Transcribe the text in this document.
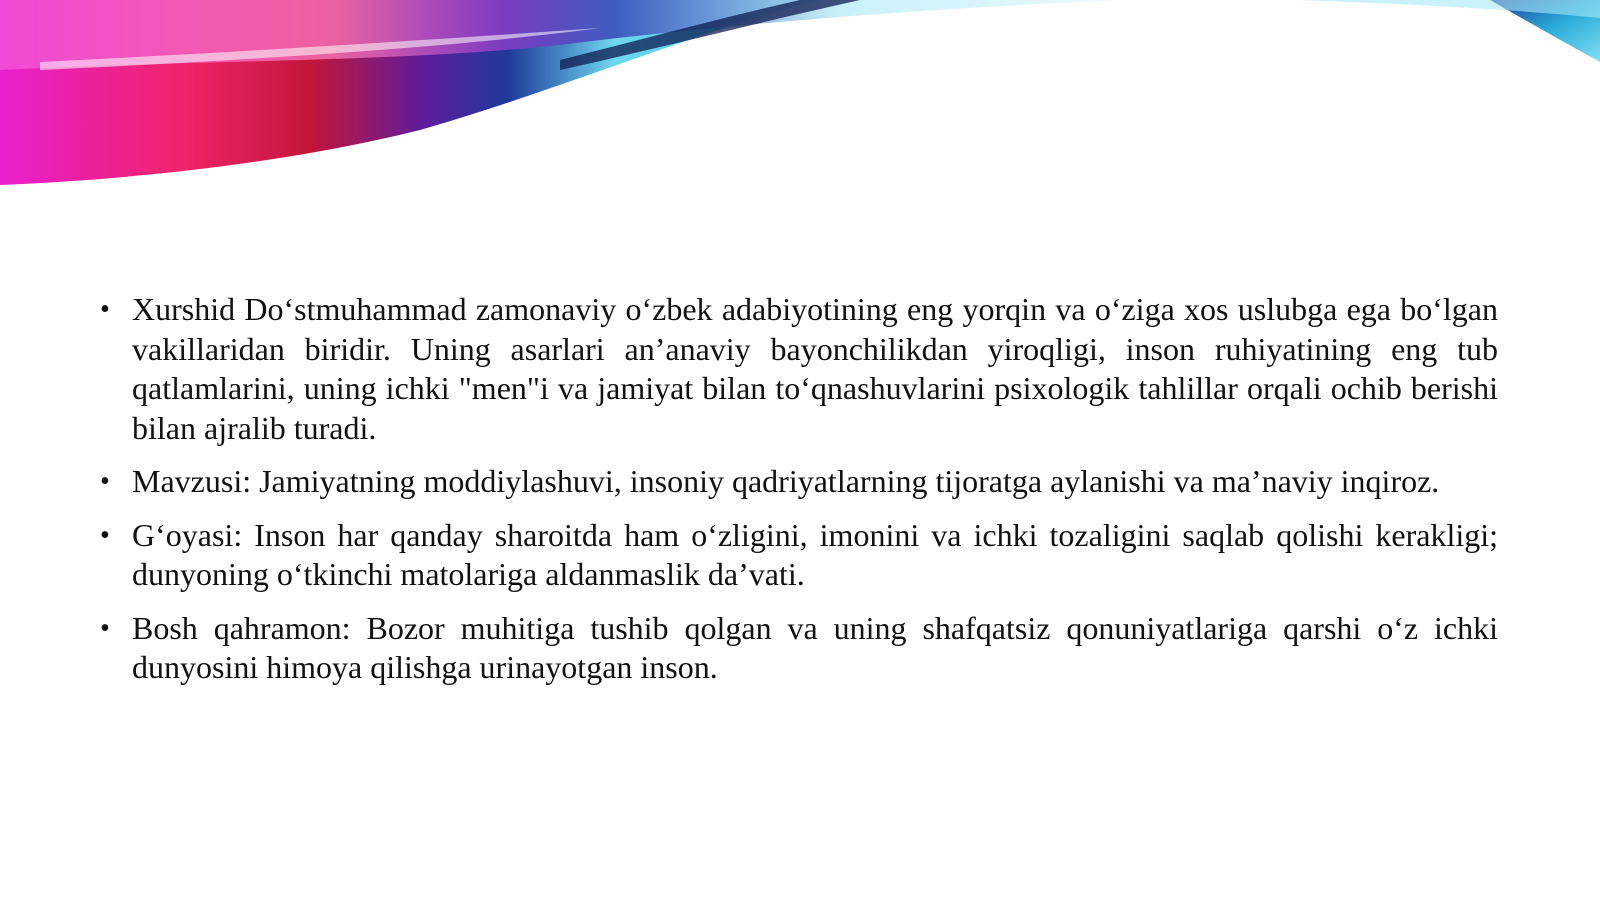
• Xurshid Do‘stmuhammad zamonaviy o‘zbek adabiyotining eng yorqin va o‘ziga xos uslubga ega bo‘lgan vakillaridan biridir. Uning asarlari an’anaviy bayonchilikdan yiroqligi, inson ruhiyatining eng tub qatlamlarini, uning ichki "men"i va jamiyat bilan to‘qnashuvlarini psixologik tahlillar orqali ochib berishi bilan ajralib turadi.
• Mavzusi: Jamiyatning moddiylashuvi, insoniy qadriyatlarning tijoratga aylanishi va ma’naviy inqiroz.
• G‘oyasi: Inson har qanday sharoitda ham o‘zligini, imonini va ichki tozaligini saqlab qolishi kerakligi; dunyoning o‘tkinchi matolariga aldanmaslik da’vati.
• Bosh qahramon: Bozor muhitiga tushib qolgan va uning shafqatsiz qonuniyatlariga qarshi o‘z ichki dunyosini himoya qilishga urinayotgan inson.
